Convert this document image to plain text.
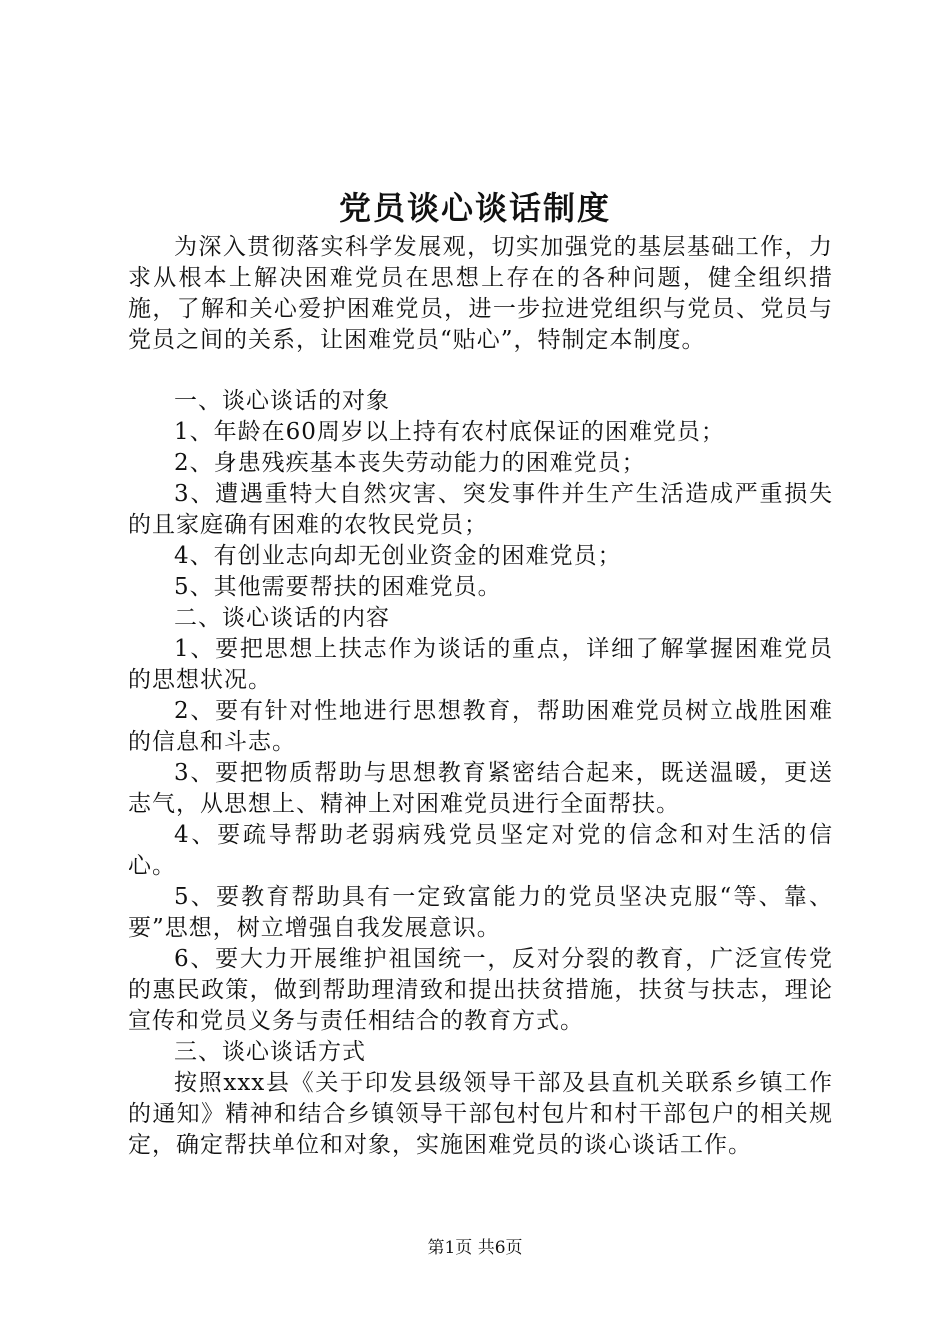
党员谈心谈话制度

为深入贯彻落实科学发展观，切实加强党的基层基础工作，力求从根本上解决困难党员在思想上存在的各种问题，健全组织措施，了解和关心爱护困难党员，进一步拉进党组织与党员、党员与党员之间的关系，让困难党员“贴心”，特制定本制度。

一、谈心谈话的对象

1、年龄在60周岁以上持有农村底保证的困难党员；

2、身患残疾基本丧失劳动能力的困难党员；

3、遭遇重特大自然灾害、突发事件并生产生活造成严重损失的且家庭确有困难的农牧民党员；

4、有创业志向却无创业资金的困难党员；

5、其他需要帮扶的困难党员。

二、谈心谈话的内容

1、要把思想上扶志作为谈话的重点，详细了解掌握困难党员的思想状况。

2、要有针对性地进行思想教育，帮助困难党员树立战胜困难的信息和斗志。

3、要把物质帮助与思想教育紧密结合起来，既送温暖，更送志气，从思想上、精神上对困难党员进行全面帮扶。

4、要疏导帮助老弱病残党员坚定对党的信念和对生活的信心。

5、要教育帮助具有一定致富能力的党员坚决克服“等、靠、要”思想，树立增强自我发展意识。

6、要大力开展维护祖国统一，反对分裂的教育，广泛宣传党的惠民政策，做到帮助理清致和提出扶贫措施，扶贫与扶志，理论宣传和党员义务与责任相结合的教育方式。

三、谈心谈话方式

按照xxx县《关于印发县级领导干部及县直机关联系乡镇工作的通知》精神和结合乡镇领导干部包村包片和村干部包户的相关规定，确定帮扶单位和对象，实施困难党员的谈心谈话工作。

第1页 共6页
